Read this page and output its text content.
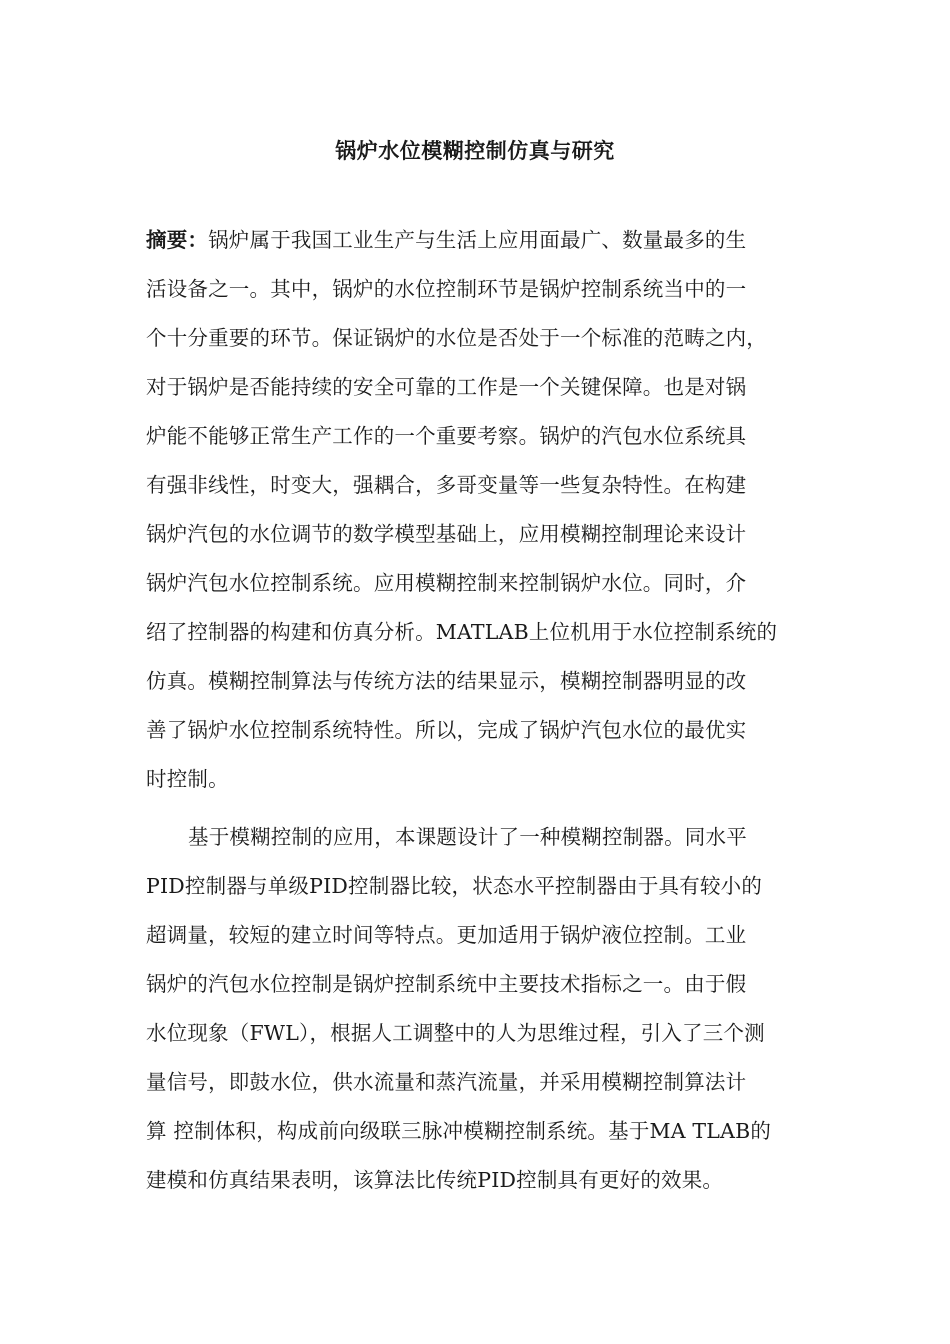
锅炉水位模糊控制仿真与研究
摘要：锅炉属于我国工业生产与生活上应用面最广、数量最多的生
活设备之一。其中，锅炉的水位控制环节是锅炉控制系统当中的一
个十分重要的环节。保证锅炉的水位是否处于一个标准的范畴之内，
对于锅炉是否能持续的安全可靠的工作是一个关键保障。也是对锅
炉能不能够正常生产工作的一个重要考察。锅炉的汽包水位系统具
有强非线性，时变大，强耦合，多哥变量等一些复杂特性。在构建
锅炉汽包的水位调节的数学模型基础上，应用模糊控制理论来设计
锅炉汽包水位控制系统。应用模糊控制来控制锅炉水位。同时，介
绍了控制器的构建和仿真分析。MATLAB上位机用于水位控制系统的
仿真。模糊控制算法与传统方法的结果显示，模糊控制器明显的改
善了锅炉水位控制系统特性。所以，完成了锅炉汽包水位的最优实
时控制。
基于模糊控制的应用，本课题设计了一种模糊控制器。同水平
PID控制器与单级PID控制器比较，状态水平控制器由于具有较小的
超调量，较短的建立时间等特点。更加适用于锅炉液位控制。工业
锅炉的汽包水位控制是锅炉控制系统中主要技术指标之一。由于假
水位现象（FWL），根据人工调整中的人为思维过程，引入了三个测
量信号，即鼓水位，供水流量和蒸汽流量，并采用模糊控制算法计
算 控制体积，构成前向级联三脉冲模糊控制系统。基于MA TLAB的
建模和仿真结果表明，该算法比传统PID控制具有更好的效果。
